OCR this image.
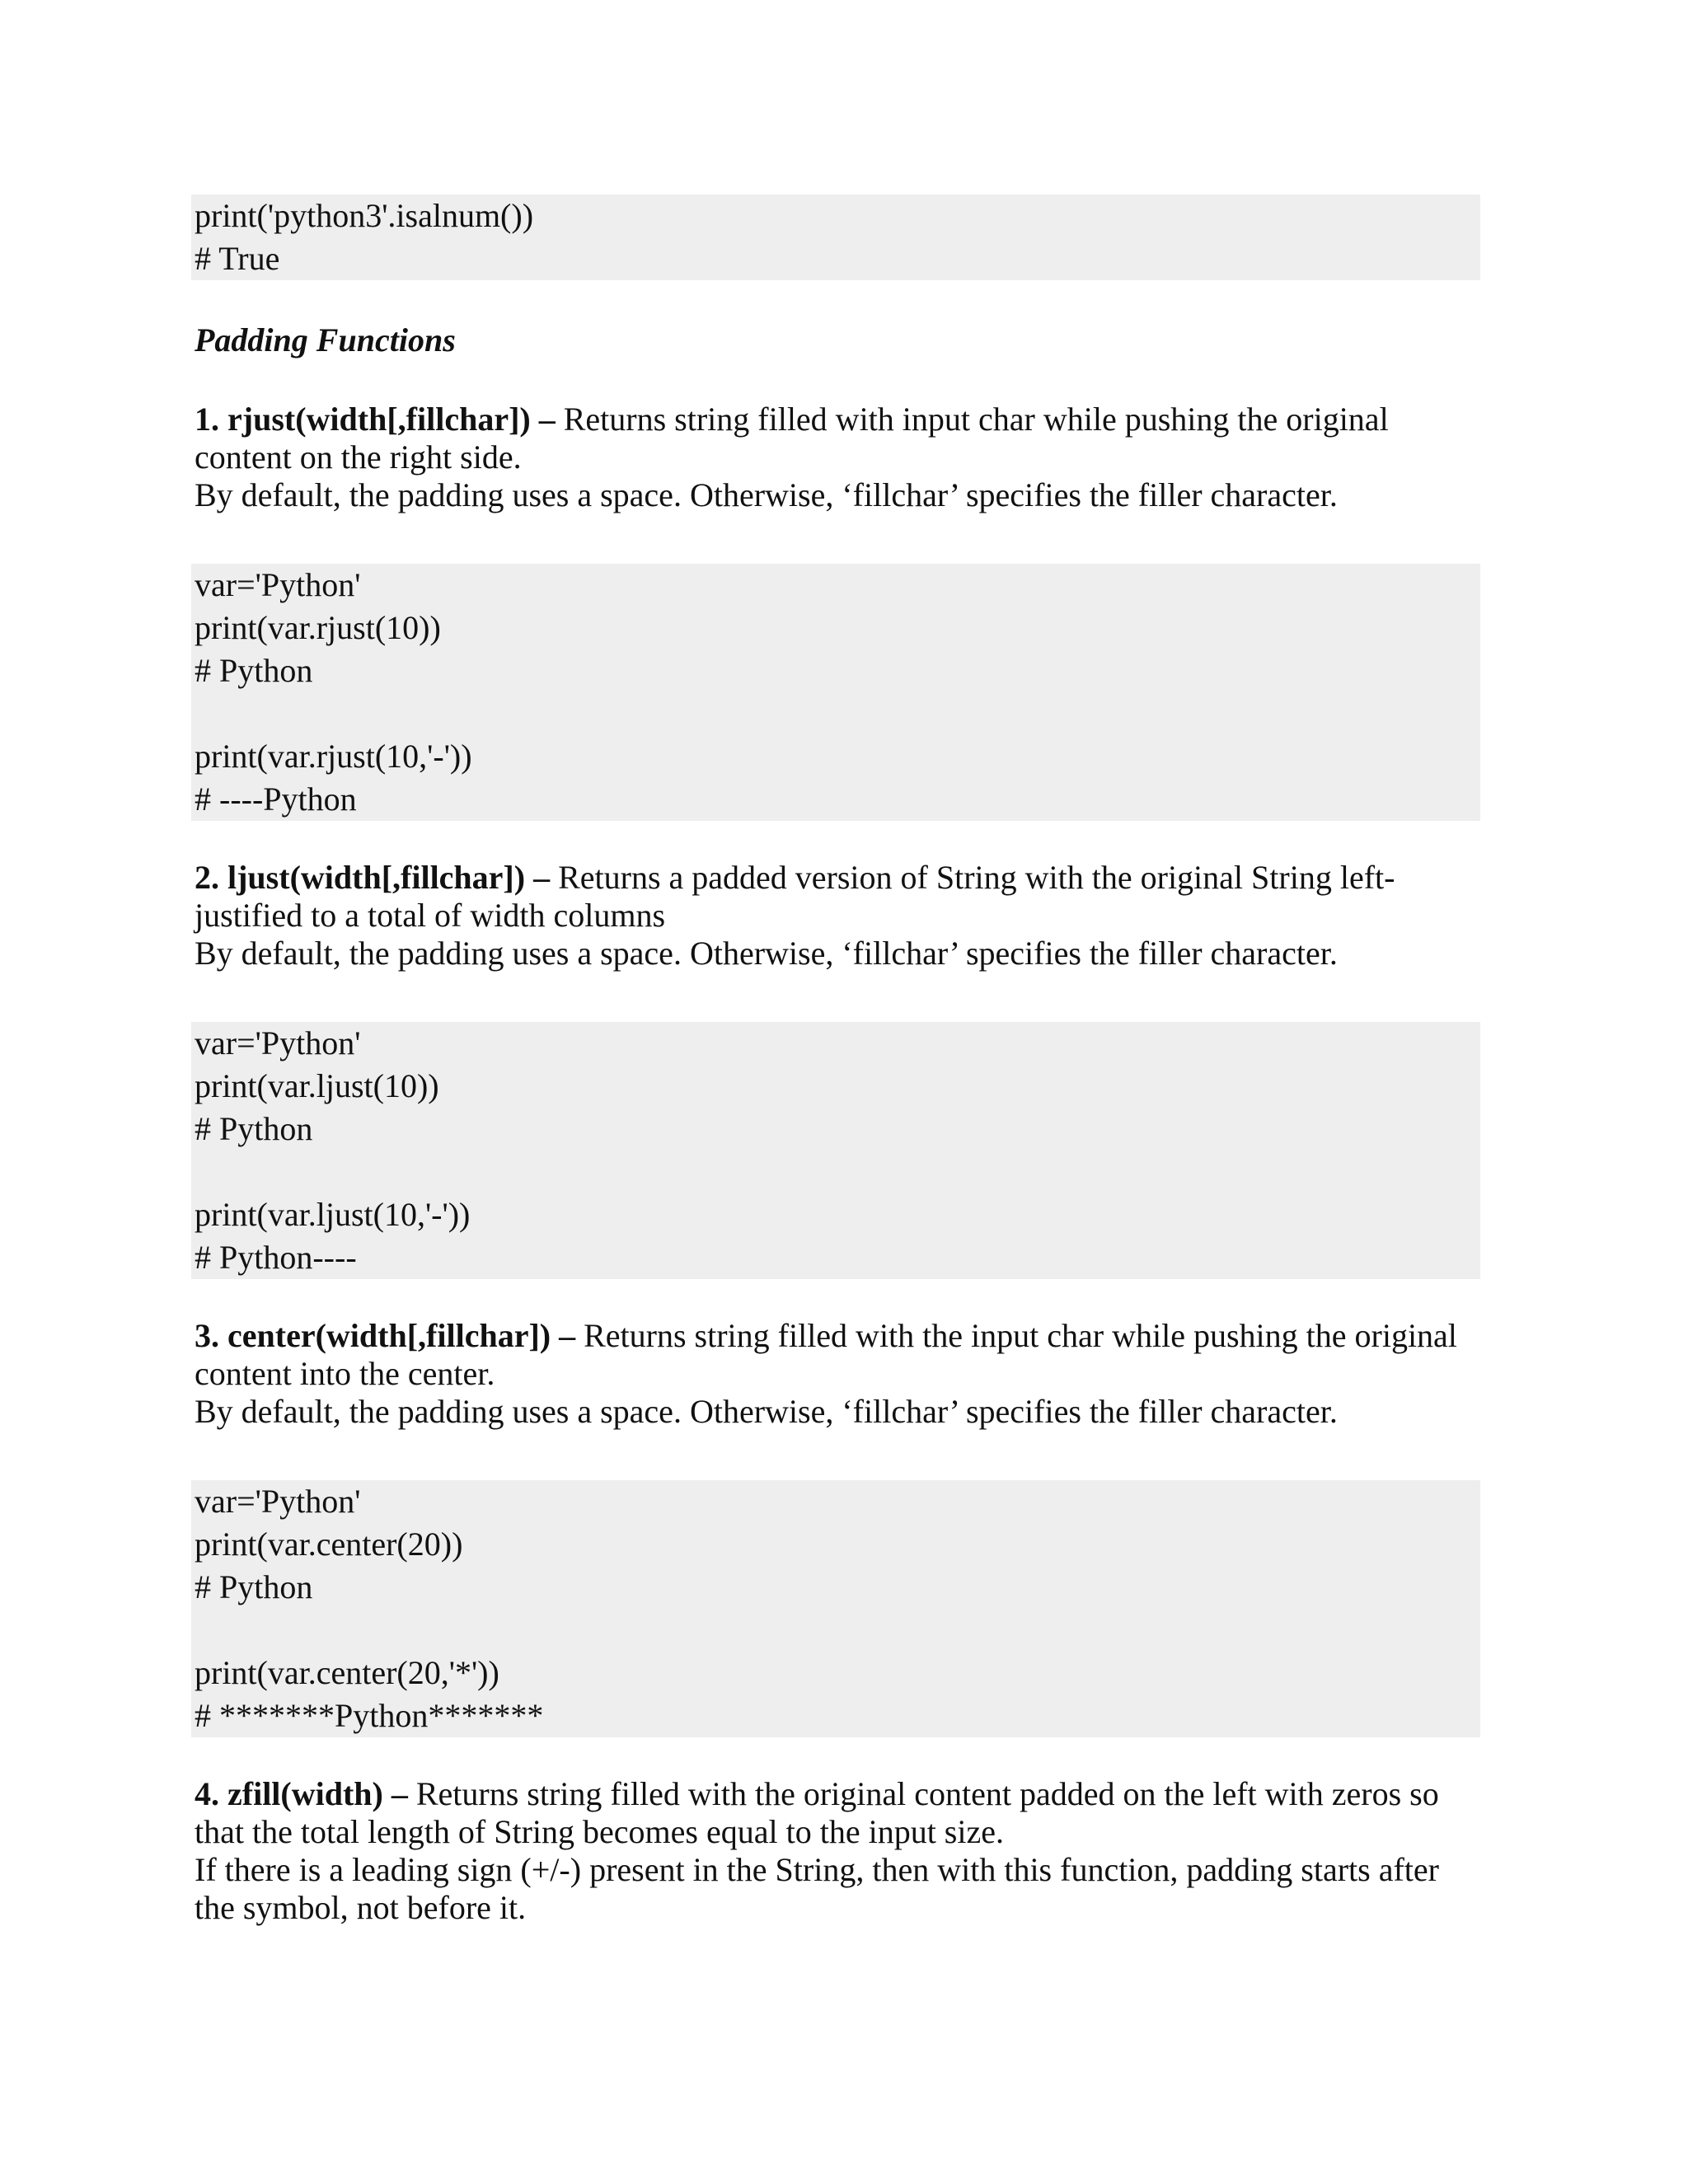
print('python3'.isalnum())
# True

Padding Functions

1. rjust(width[,fillchar]) – Returns string filled with input char while pushing the original
content on the right side.
By default, the padding uses a space. Otherwise, ‘fillchar’ specifies the filler character.

var='Python'
print(var.rjust(10))
# Python
print(var.rjust(10,'-'))
# ----Python

2. ljust(width[,fillchar]) – Returns a padded version of String with the original String left-
justified to a total of width columns
By default, the padding uses a space. Otherwise, ‘fillchar’ specifies the filler character.

var='Python'
print(var.ljust(10))
# Python
print(var.ljust(10,'-'))
# Python----

3. center(width[,fillchar]) – Returns string filled with the input char while pushing the original
content into the center.
By default, the padding uses a space. Otherwise, ‘fillchar’ specifies the filler character.

var='Python'
print(var.center(20))
# Python
print(var.center(20,'*'))
# *******Python*******

4. zfill(width) – Returns string filled with the original content padded on the left with zeros so
that the total length of String becomes equal to the input size.
If there is a leading sign (+/-) present in the String, then with this function, padding starts after
the symbol, not before it.
